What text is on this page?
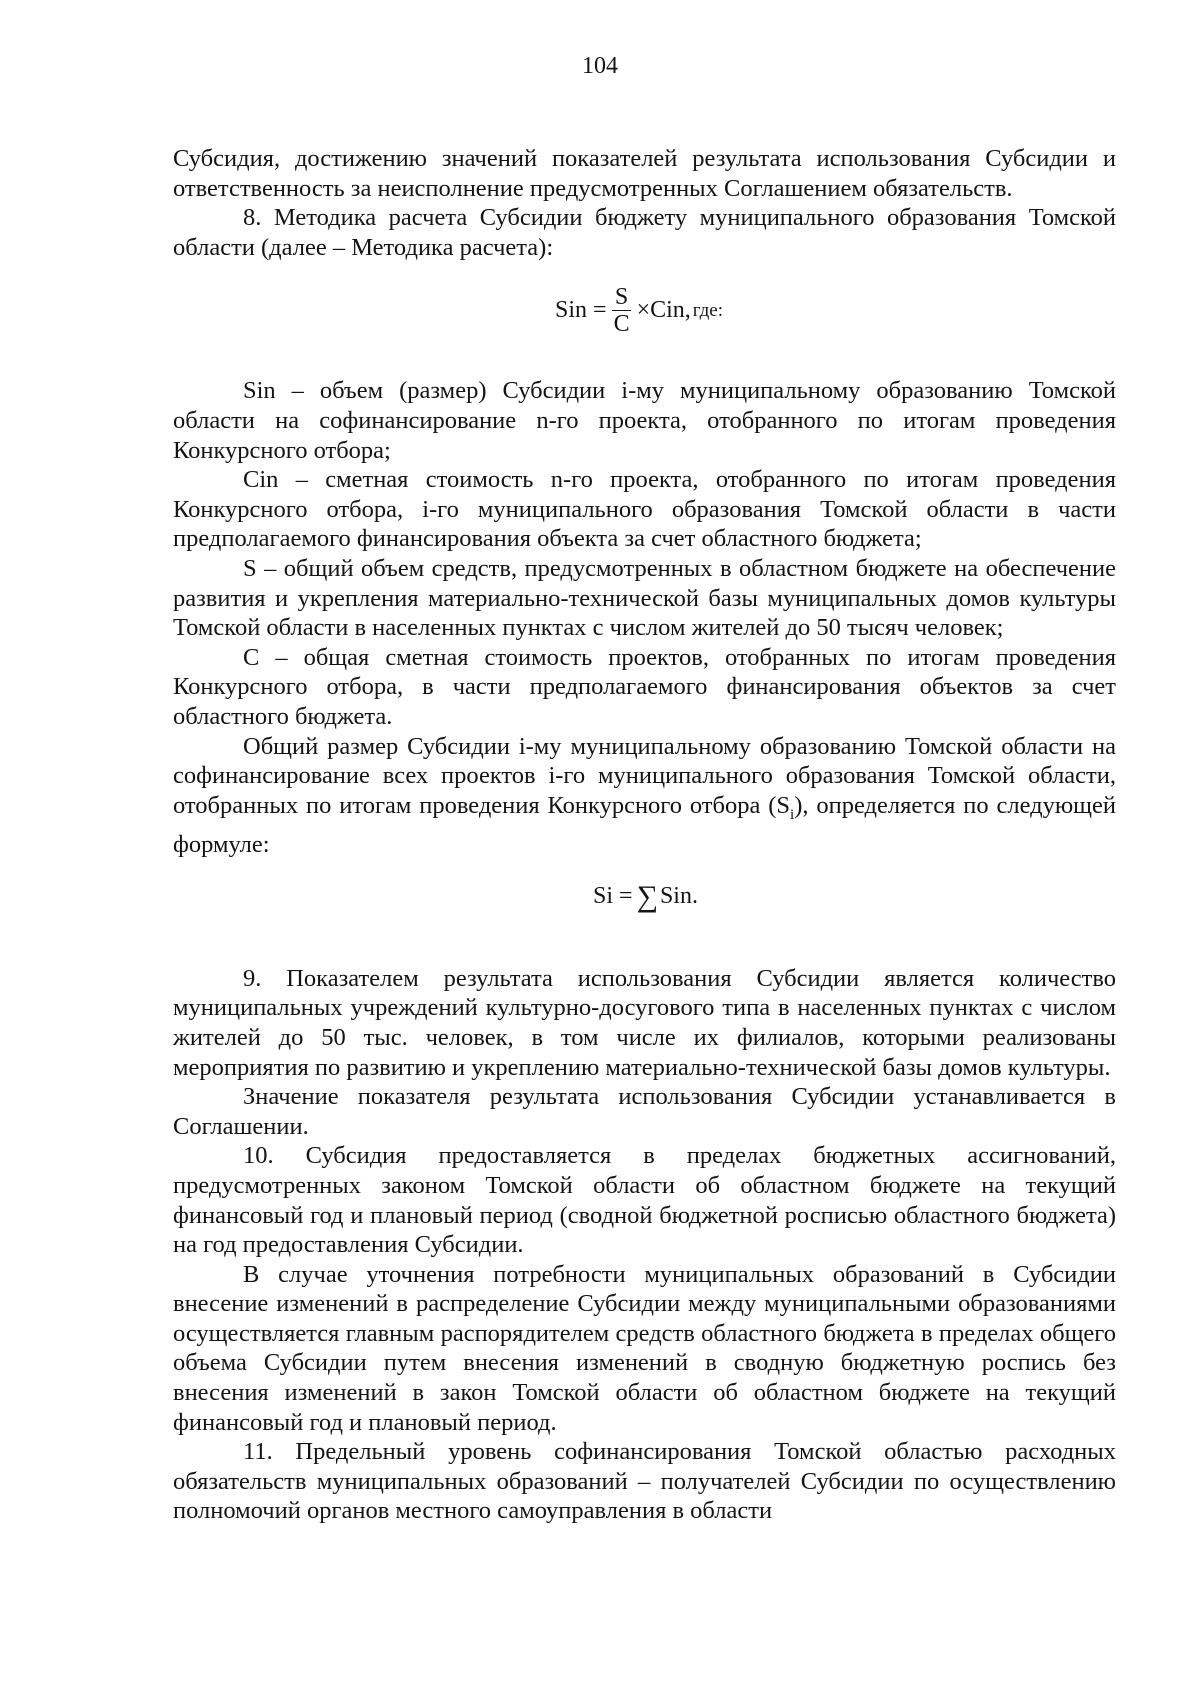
104

Субсидия, достижению значений показателей результата использования Субсидии и ответственность за неисполнение предусмотренных Соглашением обязательств.

8. Методика расчета Субсидии бюджету муниципального образования Томской области (далее – Методика расчета):

Sin = $\frac{S}{C} \times Cin$, где:

Sin – объем (размер) Субсидии i-му муниципальному образованию Томской области на софинансирование n-го проекта, отобранного по итогам проведения Конкурсного отбора;

Cin – сметная стоимость n-го проекта, отобранного по итогам проведения Конкурсного отбора, i-го муниципального образования Томской области в части предполагаемого финансирования объекта за счет областного бюджета;

S – общий объем средств, предусмотренных в областном бюджете на обеспечение развития и укрепления материально-технической базы муниципальных домов культуры Томской области в населенных пунктах с числом жителей до 50 тысяч человек;

C – общая сметная стоимость проектов, отобранных по итогам проведения Конкурсного отбора, в части предполагаемого финансирования объектов за счет областного бюджета.

Общий размер Субсидии i-му муниципальному образованию Томской области на софинансирование всех проектов i-го муниципального образования Томской области, отобранных по итогам проведения Конкурсного отбора $(S_i)$, определяется по следующей формуле:

Si = ∑ Sin.

9. Показателем результата использования Субсидии является количество муниципальных учреждений культурно-досугового типа в населенных пунктах с числом жителей до 50 тыс. человек, в том числе их филиалов, которыми реализованы мероприятия по развитию и укреплению материально-технической базы домов культуры.

Значение показателя результата использования Субсидии устанавливается в Соглашении.

10. Субсидия предоставляется в пределах бюджетных ассигнований, предусмотренных законом Томской области об областном бюджете на текущий финансовый год и плановый период (сводной бюджетной росписью областного бюджета) на год предоставления Субсидии.

В случае уточнения потребности муниципальных образований в Субсидии внесение изменений в распределение Субсидии между муниципальными образованиями осуществляется главным распорядителем средств областного бюджета в пределах общего объема Субсидии путем внесения изменений в сводную бюджетную роспись без внесения изменений в закон Томской области об областном бюджете на текущий финансовый год и плановый период.

11. Предельный уровень софинансирования Томской областью расходных обязательств муниципальных образований – получателей Субсидии по осуществлению полномочий органов местного самоуправления в области
